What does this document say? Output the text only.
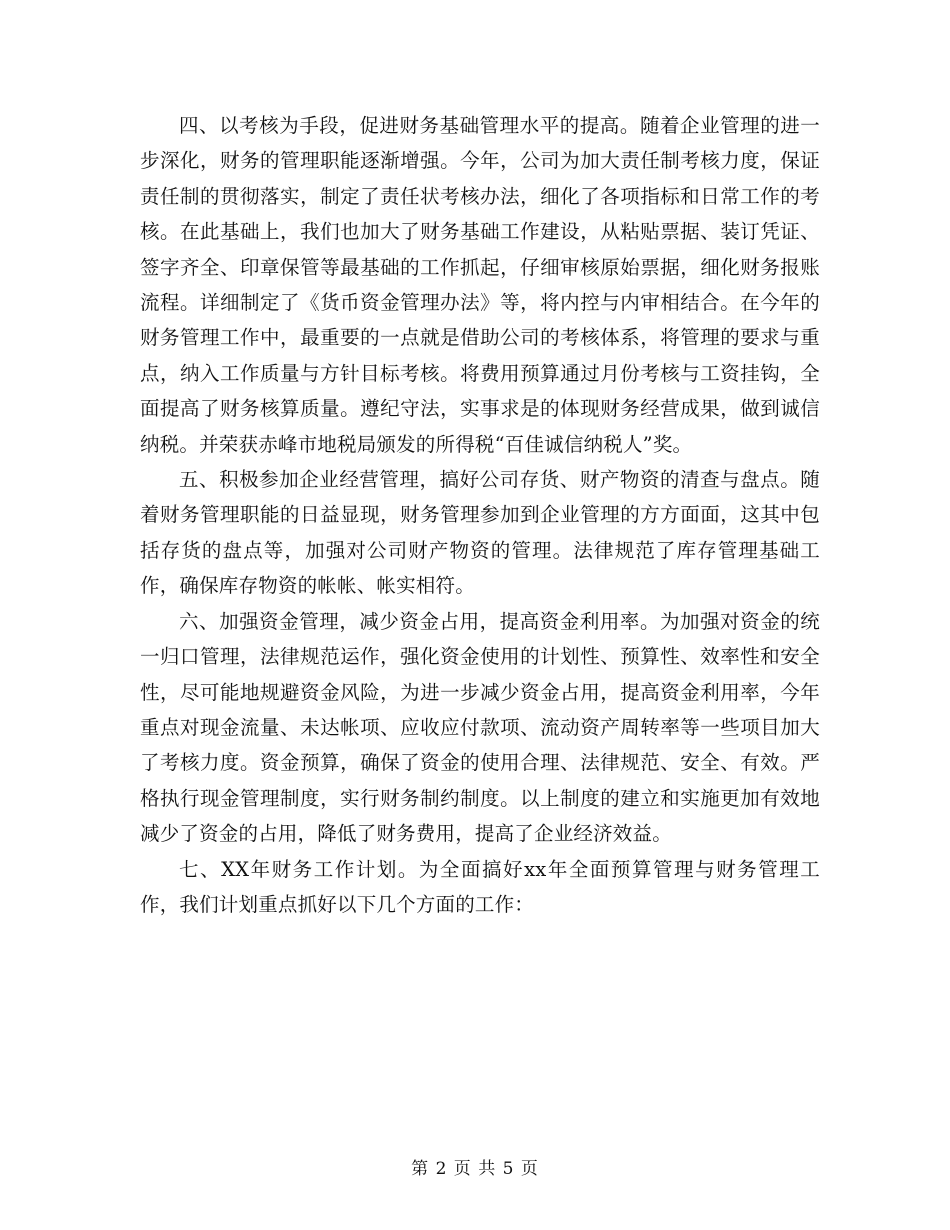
四、以考核为手段，促进财务基础管理水平的提高。随着企业管理的进一步深化，财务的管理职能逐渐增强。今年，公司为加大责任制考核力度，保证责任制的贯彻落实，制定了责任状考核办法，细化了各项指标和日常工作的考核。在此基础上，我们也加大了财务基础工作建设，从粘贴票据、装订凭证、签字齐全、印章保管等最基础的工作抓起，仔细审核原始票据，细化财务报账流程。详细制定了《货币资金管理办法》等，将内控与内审相结合。在今年的财务管理工作中，最重要的一点就是借助公司的考核体系，将管理的要求与重点，纳入工作质量与方针目标考核。将费用预算通过月份考核与工资挂钩，全面提高了财务核算质量。遵纪守法，实事求是的体现财务经营成果，做到诚信纳税。并荣获赤峰市地税局颁发的所得税“百佳诚信纳税人”奖。

五、积极参加企业经营管理，搞好公司存货、财产物资的清查与盘点。随着财务管理职能的日益显现，财务管理参加到企业管理的方方面面，这其中包括存货的盘点等，加强对公司财产物资的管理。法律规范了库存管理基础工作，确保库存物资的帐帐、帐实相符。

六、加强资金管理，减少资金占用，提高资金利用率。为加强对资金的统一归口管理，法律规范运作，强化资金使用的计划性、预算性、效率性和安全性，尽可能地规避资金风险，为进一步减少资金占用，提高资金利用率，今年重点对现金流量、未达帐项、应收应付款项、流动资产周转率等一些项目加大了考核力度。资金预算，确保了资金的使用合理、法律规范、安全、有效。严格执行现金管理制度，实行财务制约制度。以上制度的建立和实施更加有效地减少了资金的占用，降低了财务费用，提高了企业经济效益。

七、XX年财务工作计划。为全面搞好xx年全面预算管理与财务管理工作，我们计划重点抓好以下几个方面的工作：

第 2 页 共 5 页
